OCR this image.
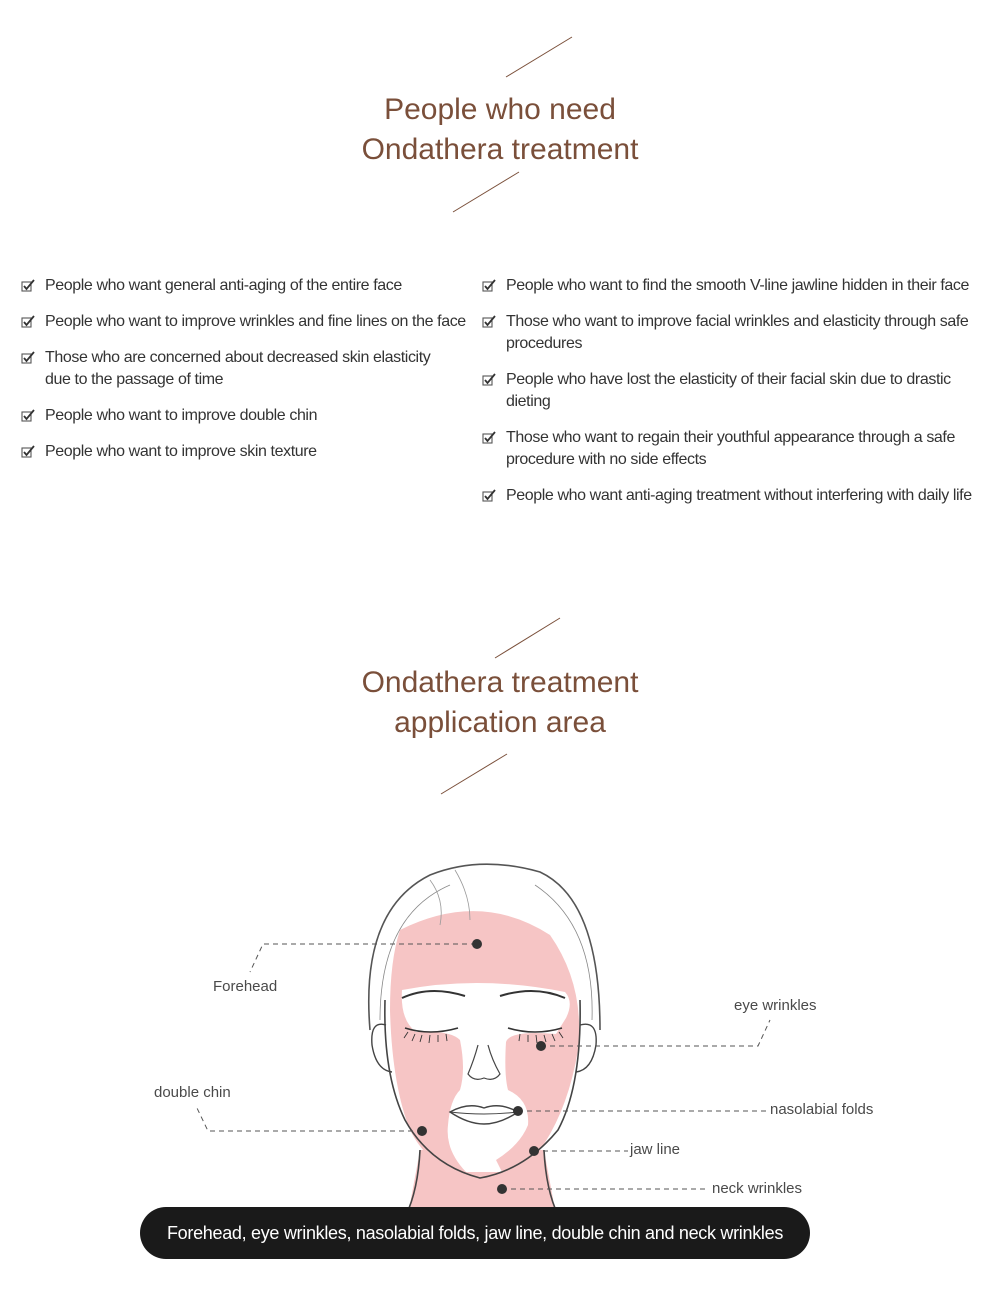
People who need
Ondathera treatment
People who want general anti-aging of the entire face
People who want to improve wrinkles and fine lines on the face
Those who are concerned about decreased skin elasticity
due to the passage of time
People who want to improve double chin
People who want to improve skin texture
People who want to find the smooth V-line jawline hidden in their face
Those who want to improve facial wrinkles and elasticity through safe
procedures
People who have lost the elasticity of their facial skin due to drastic
dieting
Those who want to regain their youthful appearance through a safe
procedure with no side effects
People who want anti-aging treatment without interfering with daily life
Ondathera treatment
application area
Forehead
eye wrinkles
double chin
nasolabial folds
jaw line
neck wrinkles
Forehead, eye wrinkles, nasolabial folds, jaw line, double chin and neck wrinkles
